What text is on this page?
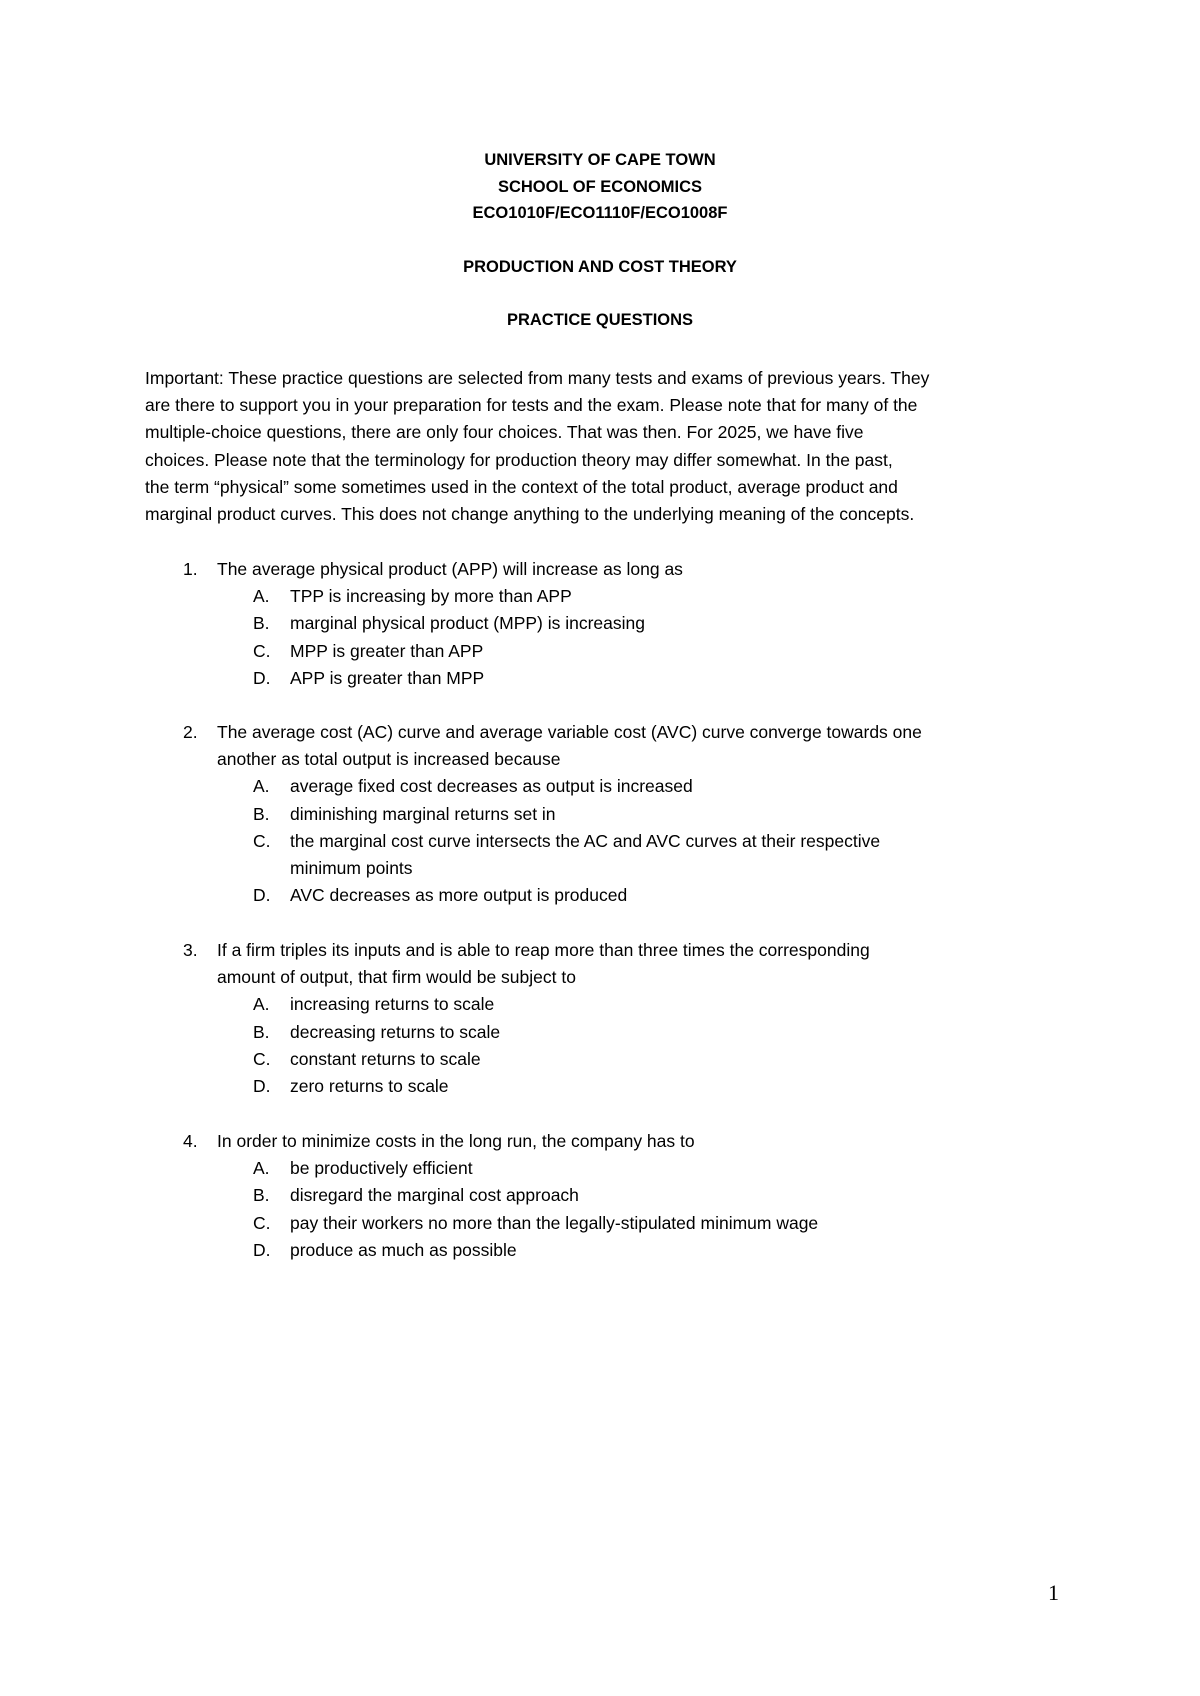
UNIVERSITY OF CAPE TOWN
SCHOOL OF ECONOMICS
ECO1010F/ECO1110F/ECO1008F
PRODUCTION AND COST THEORY
PRACTICE QUESTIONS
Important: These practice questions are selected from many tests and exams of previous years. They
are there to support you in your preparation for tests and the exam. Please note that for many of the
multiple-choice questions, there are only four choices. That was then. For 2025, we have five
choices. Please note that the terminology for production theory may differ somewhat. In the past,
the term “physical” some sometimes used in the context of the total product, average product and
marginal product curves. This does not change anything to the underlying meaning of the concepts.
1. The average physical product (APP) will increase as long as
A. TPP is increasing by more than APP
B. marginal physical product (MPP) is increasing
C. MPP is greater than APP
D. APP is greater than MPP
2. The average cost (AC) curve and average variable cost (AVC) curve converge towards one
another as total output is increased because
A. average fixed cost decreases as output is increased
B. diminishing marginal returns set in
C. the marginal cost curve intersects the AC and AVC curves at their respective
minimum points
D. AVC decreases as more output is produced
3. If a firm triples its inputs and is able to reap more than three times the corresponding
amount of output, that firm would be subject to
A. increasing returns to scale
B. decreasing returns to scale
C. constant returns to scale
D. zero returns to scale
4. In order to minimize costs in the long run, the company has to
A. be productively efficient
B. disregard the marginal cost approach
C. pay their workers no more than the legally-stipulated minimum wage
D. produce as much as possible
1
